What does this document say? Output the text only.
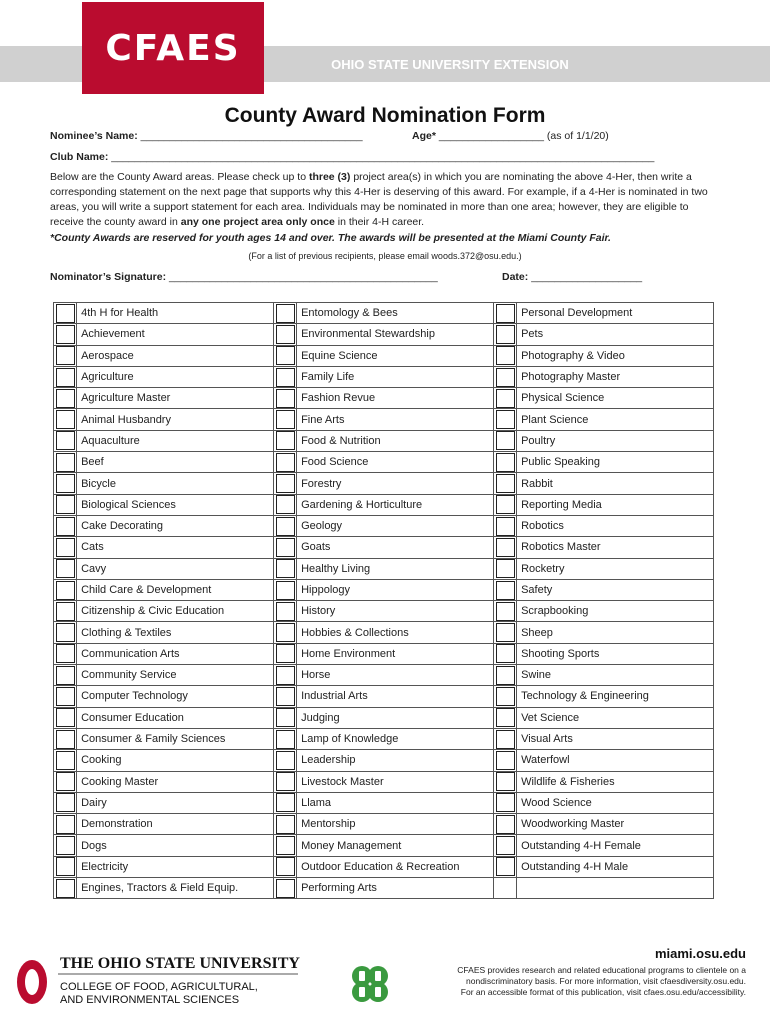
CFAES	OHIO STATE UNIVERSITY EXTENSION
County Award Nomination Form
Nominee’s Name: ______________________________________	Age* __________________ (as of 1/1/20)
Club Name: _____________________________________________________________________________________________
Below are the County Award areas. Please check up to three (3) project area(s) in which you are nominating the above 4-Her, then write a corresponding statement on the next page that supports why this 4-Her is deserving of this award. For example, if a 4-Her is nominated in two areas, you will write a support statement for each area. Individuals may be nominated in more than one area; however, they are eligible to receive the county award in any one project area only once in their 4-H career.
*County Awards are reserved for youth ages 14 and over. The awards will be presented at the Miami County Fair.
(For a list of previous recipients, please email woods.372@osu.edu.)
Nominator’s Signature: ______________________________________________	Date: ___________________
	4th H for Health		Entomology & Bees		Personal Development

	Achievement		Environmental Stewardship		Pets

	Aerospace		Equine Science		Photography & Video

	Agriculture		Family Life		Photography Master

	Agriculture Master		Fashion Revue		Physical Science

	Animal Husbandry		Fine Arts		Plant Science

	Aquaculture		Food & Nutrition		Poultry

	Beef		Food Science		Public Speaking

	Bicycle		Forestry		Rabbit

	Biological Sciences		Gardening & Horticulture		Reporting Media

	Cake Decorating		Geology		Robotics

	Cats		Goats		Robotics Master

	Cavy		Healthy Living		Rocketry

	Child Care & Development		Hippology		Safety

	Citizenship & Civic Education		History		Scrapbooking

	Clothing & Textiles		Hobbies & Collections		Sheep

	Communication Arts		Home Environment		Shooting Sports

	Community Service		Horse		Swine

	Computer Technology		Industrial Arts		Technology & Engineering

	Consumer Education		Judging		Vet Science

	Consumer & Family Sciences		Lamp of Knowledge		Visual Arts

	Cooking		Leadership		Waterfowl

	Cooking Master		Livestock Master		Wildlife & Fisheries

	Dairy		Llama		Wood Science

	Demonstration		Mentorship		Woodworking Master

	Dogs		Money Management		Outstanding 4-H Female

	Electricity		Outdoor Education & Recreation		Outstanding 4-H Male

	Engines, Tractors & Field Equip.		Performing Arts		
THE OHIO STATE UNIVERSITY
COLLEGE OF FOOD, AGRICULTURAL,
AND ENVIRONMENTAL SCIENCES
miami.osu.edu
CFAES provides research and related educational programs to clientele on a
nondiscriminatory basis. For more information, visit cfaesdiversity.osu.edu.
For an accessible format of this publication, visit cfaes.osu.edu/accessibility.
